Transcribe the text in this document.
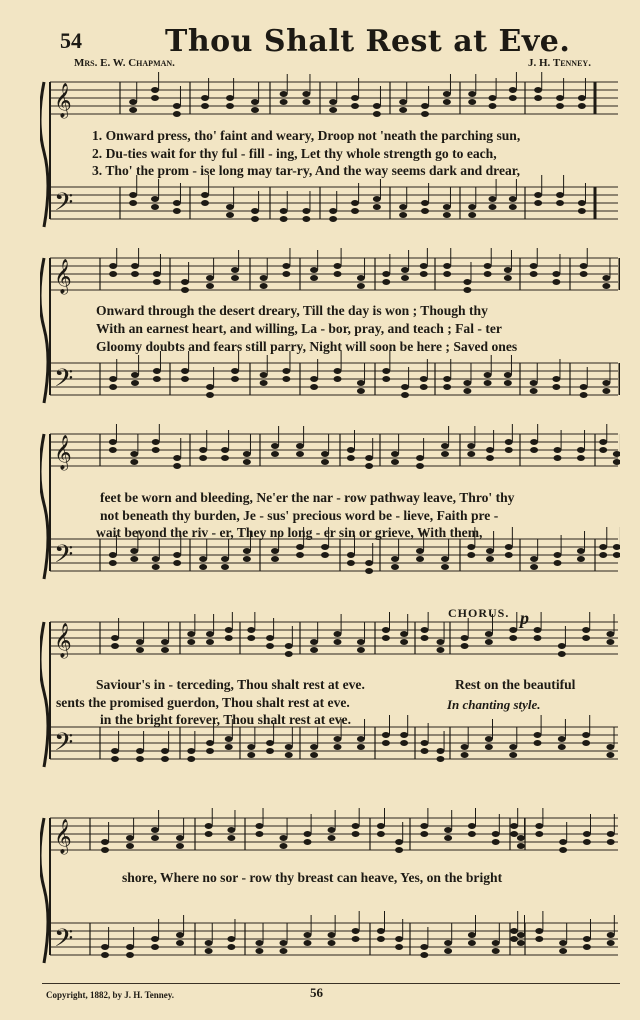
54	Thou Shalt Rest at Eve.
Mrs. E. W. Chapman.	J. H. Tenney.
𝄞
𝄢
1. Onward press, tho' faint and weary, Droop not 'neath the parching sun,
2. Du-ties wait for thy ful - fill - ing, Let thy whole strength go to each,
3. Tho' the prom - ise long may tar-ry, And the way seems dark and drear,
𝄞
𝄢
Onward through the desert dreary, Till the day is won ; Though thy
With an earnest heart, and willing, La - bor, pray, and teach ; Fal - ter
Gloomy doubts and fears still parry, Night will soon be here ; Saved ones
𝄞
𝄢
feet be worn and bleeding, Ne'er the nar - row pathway leave, Thro' thy
not beneath thy burden, Je - sus' precious word be - lieve, Faith pre -
wait beyond the riv - er, They no long - er sin or grieve, With them,
𝄞
𝄢
CHORUS. p
Saviour's in - terceding, Thou shalt rest at eve.
sents the promised guerdon, Thou shalt rest at eve.
in the bright forever, Thou shalt rest at eve.
Rest on the beautiful
In chanting style.
𝄞
𝄢
shore, Where no sor - row thy breast can heave, Yes, on the bright
Copyright, 1882, by J. H. Tenney.	56
